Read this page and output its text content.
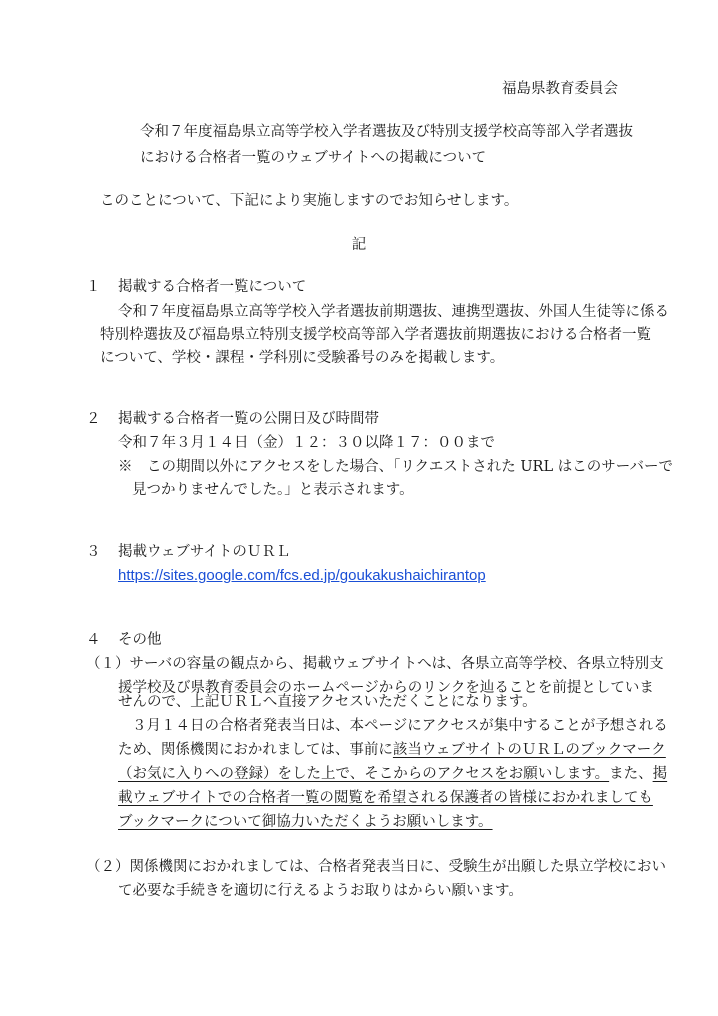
福島県教育委員会
令和７年度福島県立高等学校入学者選抜及び特別支援学校高等部入学者選抜
における合格者一覧のウェブサイトへの掲載について
このことについて、下記により実施しますのでお知らせします。
記
１ 掲載する合格者一覧について
令和７年度福島県立高等学校入学者選抜前期選抜、連携型選抜、外国人生徒等に係る
特別枠選抜及び福島県立特別支援学校高等部入学者選抜前期選抜における合格者一覧
について、学校・課程・学科別に受験番号のみを掲載します。
２ 掲載する合格者一覧の公開日及び時間帯
令和７年３月１４日（金）１２：３０以降１７：００まで
※　この期間以外にアクセスをした場合、「リクエストされた URL はこのサーバーで
見つかりませんでした。」と表示されます。
３ 掲載ウェブサイトのＵＲＬ
https://sites.google.com/fcs.ed.jp/goukakushaichirantop
４ その他
（１）サーバの容量の観点から、掲載ウェブサイトへは、各県立高等学校、各県立特別支
援学校及び県教育委員会のホームページからのリンクを辿ることを前提としていま
せんので、上記ＵＲＬへ直接アクセスいただくことになります。
３月１４日の合格者発表当日は、本ページにアクセスが集中することが予想される
ため、関係機関におかれましては、事前に該当ウェブサイトのＵＲＬのブックマーク
（お気に入りへの登録）をした上で、そこからのアクセスをお願いします。また、掲
載ウェブサイトでの合格者一覧の閲覧を希望される保護者の皆様におかれましても
ブックマークについて御協力いただくようお願いします。
（２）関係機関におかれましては、合格者発表当日に、受験生が出願した県立学校におい
て必要な手続きを適切に行えるようお取りはからい願います。
